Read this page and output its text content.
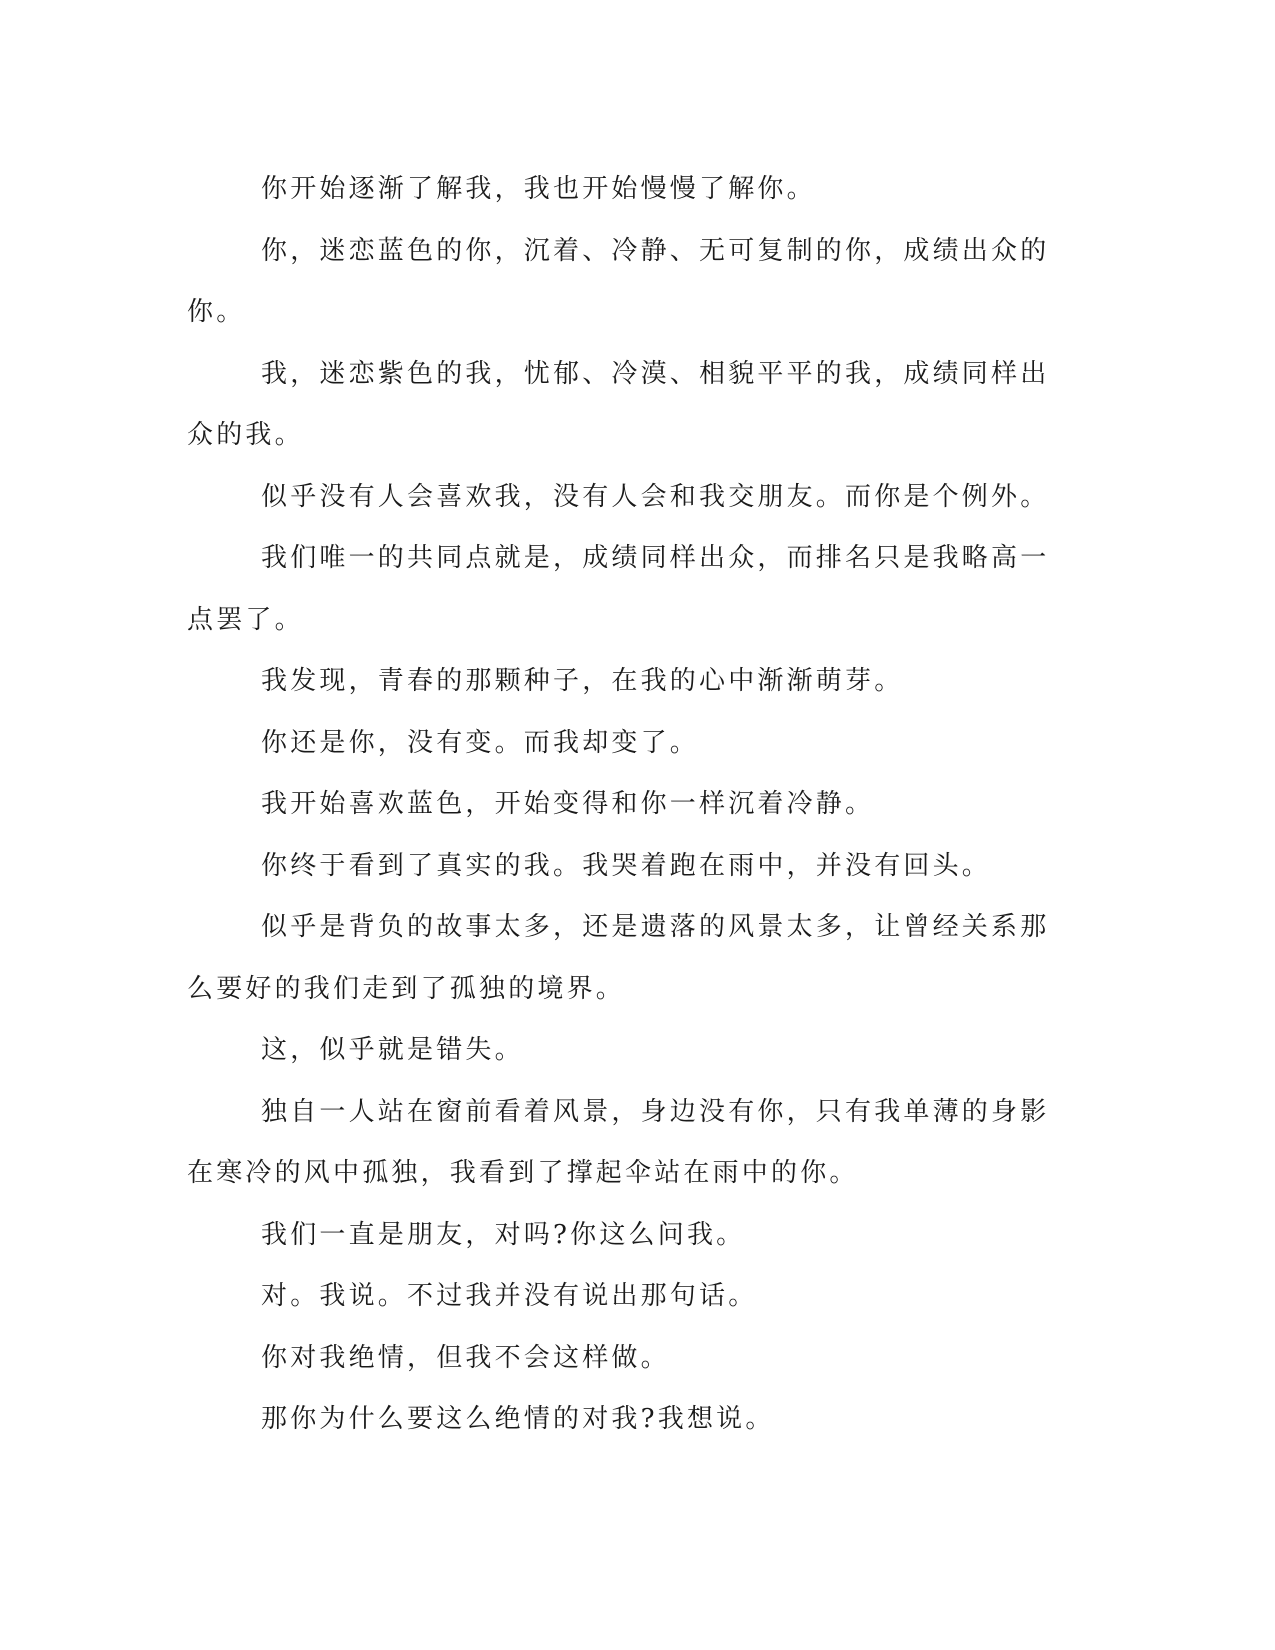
你开始逐渐了解我，我也开始慢慢了解你。

你，迷恋蓝色的你，沉着、冷静、无可复制的你，成绩出众的你。

我，迷恋紫色的我，忧郁、冷漠、相貌平平的我，成绩同样出众的我。

似乎没有人会喜欢我，没有人会和我交朋友。而你是个例外。

我们唯一的共同点就是，成绩同样出众，而排名只是我略高一点罢了。

我发现，青春的那颗种子，在我的心中渐渐萌芽。

你还是你，没有变。而我却变了。

我开始喜欢蓝色，开始变得和你一样沉着冷静。

你终于看到了真实的我。我哭着跑在雨中，并没有回头。

似乎是背负的故事太多，还是遗落的风景太多，让曾经关系那么要好的我们走到了孤独的境界。

这，似乎就是错失。

独自一人站在窗前看着风景，身边没有你，只有我单薄的身影在寒冷的风中孤独，我看到了撑起伞站在雨中的你。

我们一直是朋友，对吗?你这么问我。

对。我说。不过我并没有说出那句话。

你对我绝情，但我不会这样做。

那你为什么要这么绝情的对我?我想说。
